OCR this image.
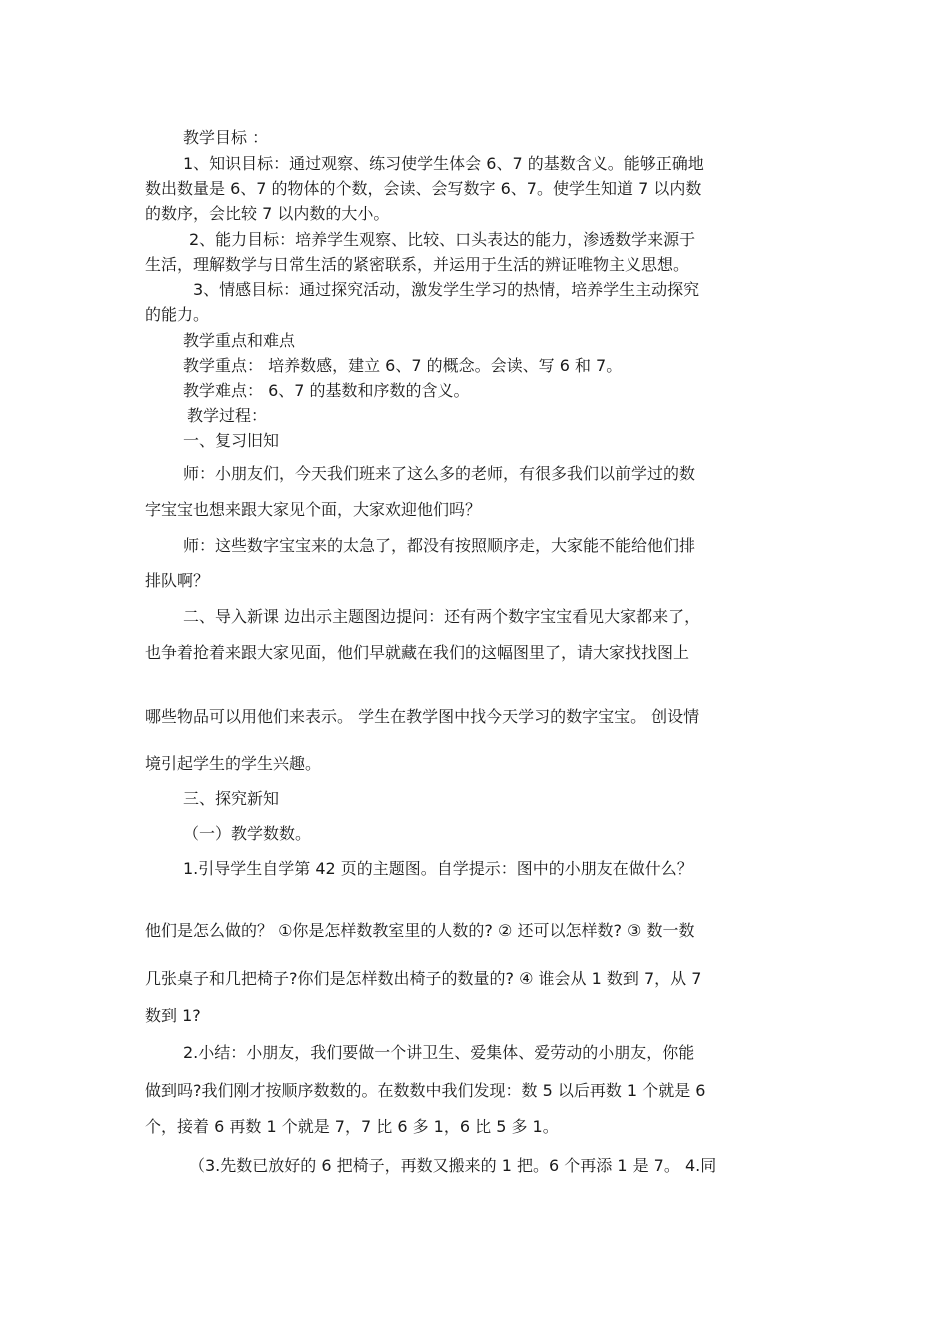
教学目标 ：
1、知识目标：通过观察、练习使学生体会 6、7 的基数含义。能够正确地
数出数量是 6、7 的物体的个数，会读、会写数字 6、7。使学生知道 7 以内数
的数序，会比较 7 以内数的大小。
2、能力目标：培养学生观察、比较、口头表达的能力，渗透数学来源于
生活，理解数学与日常生活的紧密联系，并运用于生活的辨证唯物主义思想。
3、情感目标：通过探究活动，激发学生学习的热情，培养学生主动探究
的能力。
教学重点和难点
教学重点： 培养数感，建立 6、7 的概念。会读、写 6 和 7。
教学难点： 6、7 的基数和序数的含义。
教学过程：
一、复习旧知
师：小朋友们，今天我们班来了这么多的老师，有很多我们以前学过的数
字宝宝也想来跟大家见个面，大家欢迎他们吗？
师：这些数字宝宝来的太急了，都没有按照顺序走，大家能不能给他们排
排队啊？
二、导入新课 边出示主题图边提问：还有两个数字宝宝看见大家都来了，
也争着抢着来跟大家见面，他们早就藏在我们的这幅图里了，请大家找找图上
哪些物品可以用他们来表示。 学生在教学图中找今天学习的数字宝宝。 创设情
境引起学生的学生兴趣。
三、探究新知
（一）教学数数。
1.引导学生自学第 42 页的主题图。自学提示：图中的小朋友在做什么？
他们是怎么做的？ ①你是怎样数教室里的人数的? ② 还可以怎样数? ③ 数一数
几张桌子和几把椅子?你们是怎样数出椅子的数量的? ④ 谁会从 1 数到 7，从 7
数到 1?
2.小结：小朋友，我们要做一个讲卫生、爱集体、爱劳动的小朋友，你能
做到吗?我们刚才按顺序数数的。在数数中我们发现：数 5 以后再数 1 个就是 6
个，接着 6 再数 1 个就是 7，7 比 6 多 1，6 比 5 多 1。
（3.先数已放好的 6 把椅子，再数又搬来的 1 把。6 个再添 1 是 7。 4.同
